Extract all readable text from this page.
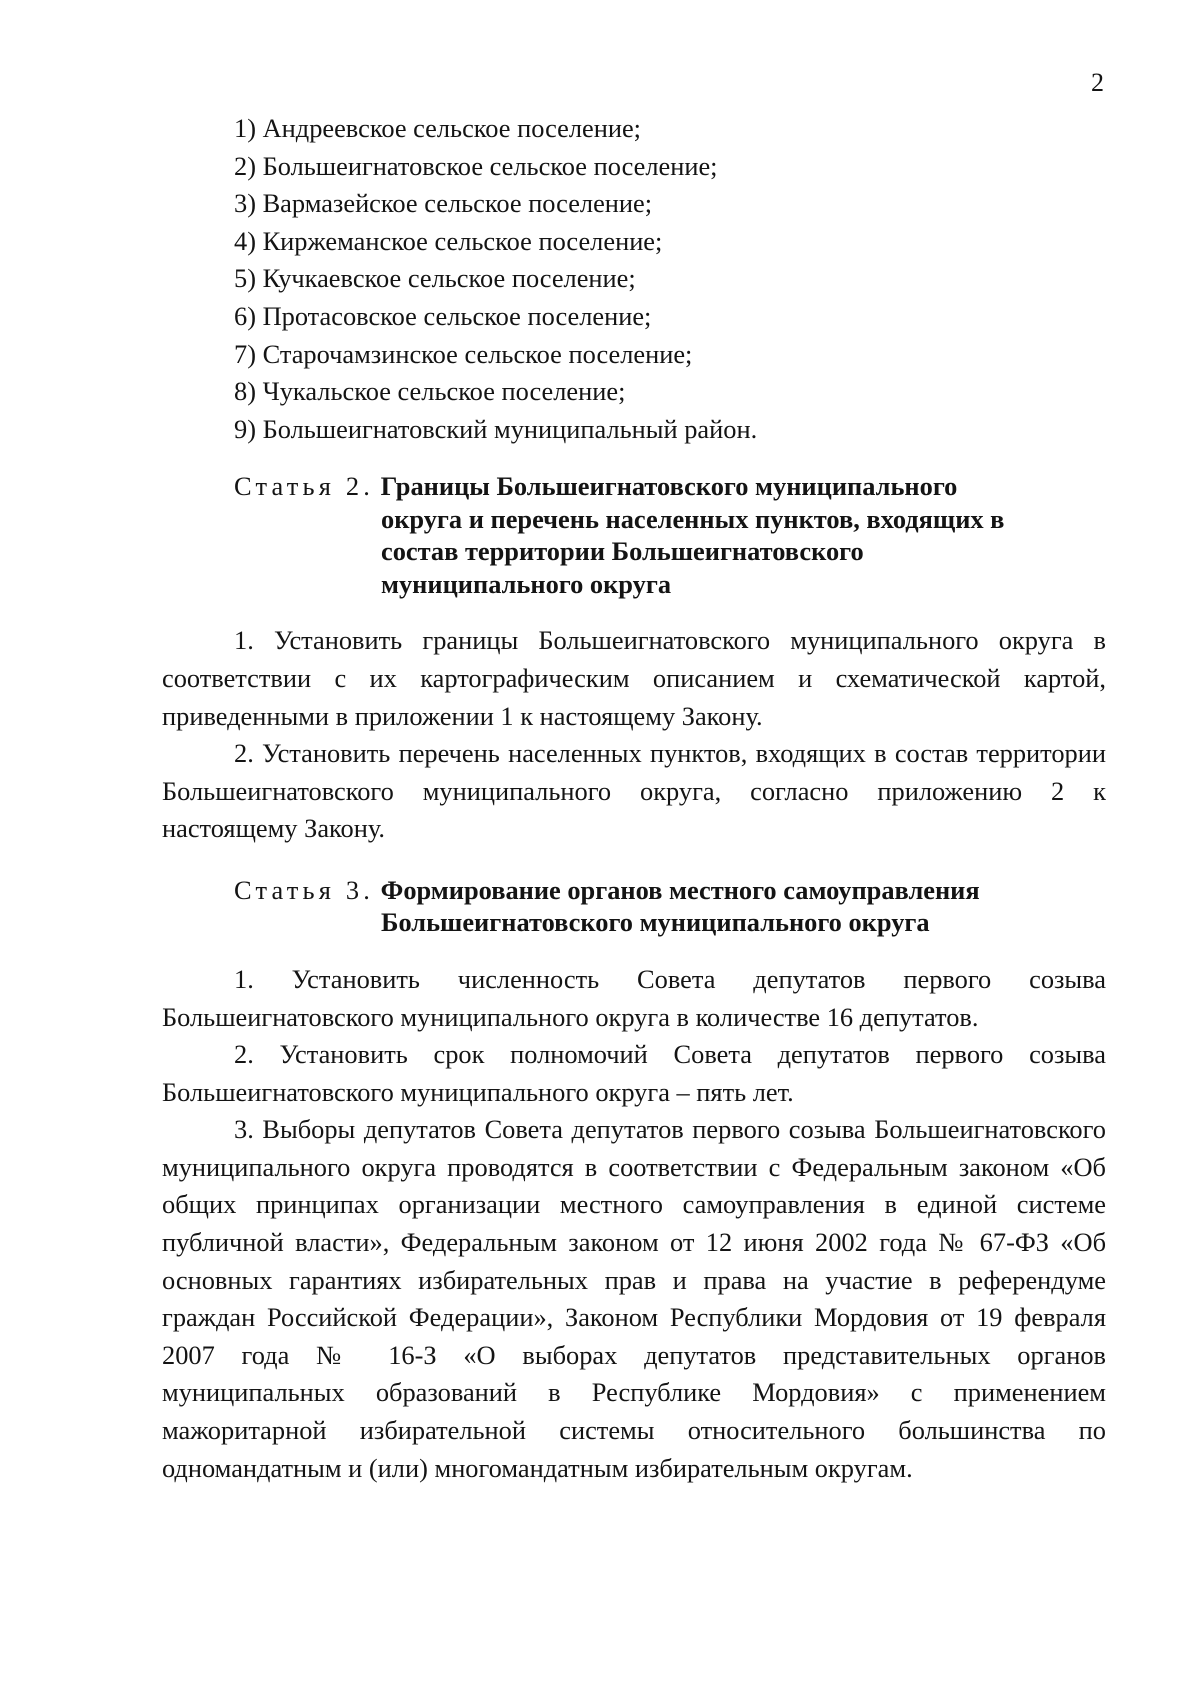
2
1) Андреевское сельское поселение;
2) Большеигнатовское сельское поселение;
3) Вармазейское сельское поселение;
4) Киржеманское сельское поселение;
5) Кучкаевское сельское поселение;
6) Протасовское сельское поселение;
7) Старочамзинское сельское поселение;
8) Чукальское сельское поселение;
9) Большеигнатовский муниципальный район.
Статья 2. Границы Большеигнатовского муниципального
округа и перечень населенных пунктов, входящих в
состав территории Большеигнатовского
муниципального округа

1. Установить границы Большеигнатовского муниципального округа в соответствии с их картографическим описанием и схематической картой, приведенными в приложении 1 к настоящему Закону.

2. Установить перечень населенных пунктов, входящих в состав территории Большеигнатовского муниципального округа, согласно приложению 2 к настоящему Закону.

Статья 3. Формирование органов местного самоуправления
Большеигнатовского муниципального округа

1. Установить численность Совета депутатов первого созыва Большеигнатовского муниципального округа в количестве 16 депутатов.

2. Установить срок полномочий Совета депутатов первого созыва Большеигнатовского муниципального округа – пять лет.

3. Выборы депутатов Совета депутатов первого созыва Большеигнатовского муниципального округа проводятся в соответствии с Федеральным законом «Об общих принципах организации местного самоуправления в единой системе публичной власти», Федеральным законом от 12 июня 2002 года № 67-ФЗ «Об основных гарантиях избирательных прав и права на участие в референдуме граждан Российской Федерации», Законом Республики Мордовия от 19 февраля 2007 года № 16-З «О выборах депутатов представительных органов муниципальных образований в Республике Мордовия» с применением мажоритарной избирательной системы относительного большинства по одномандатным и (или) многомандатным избирательным округам.
